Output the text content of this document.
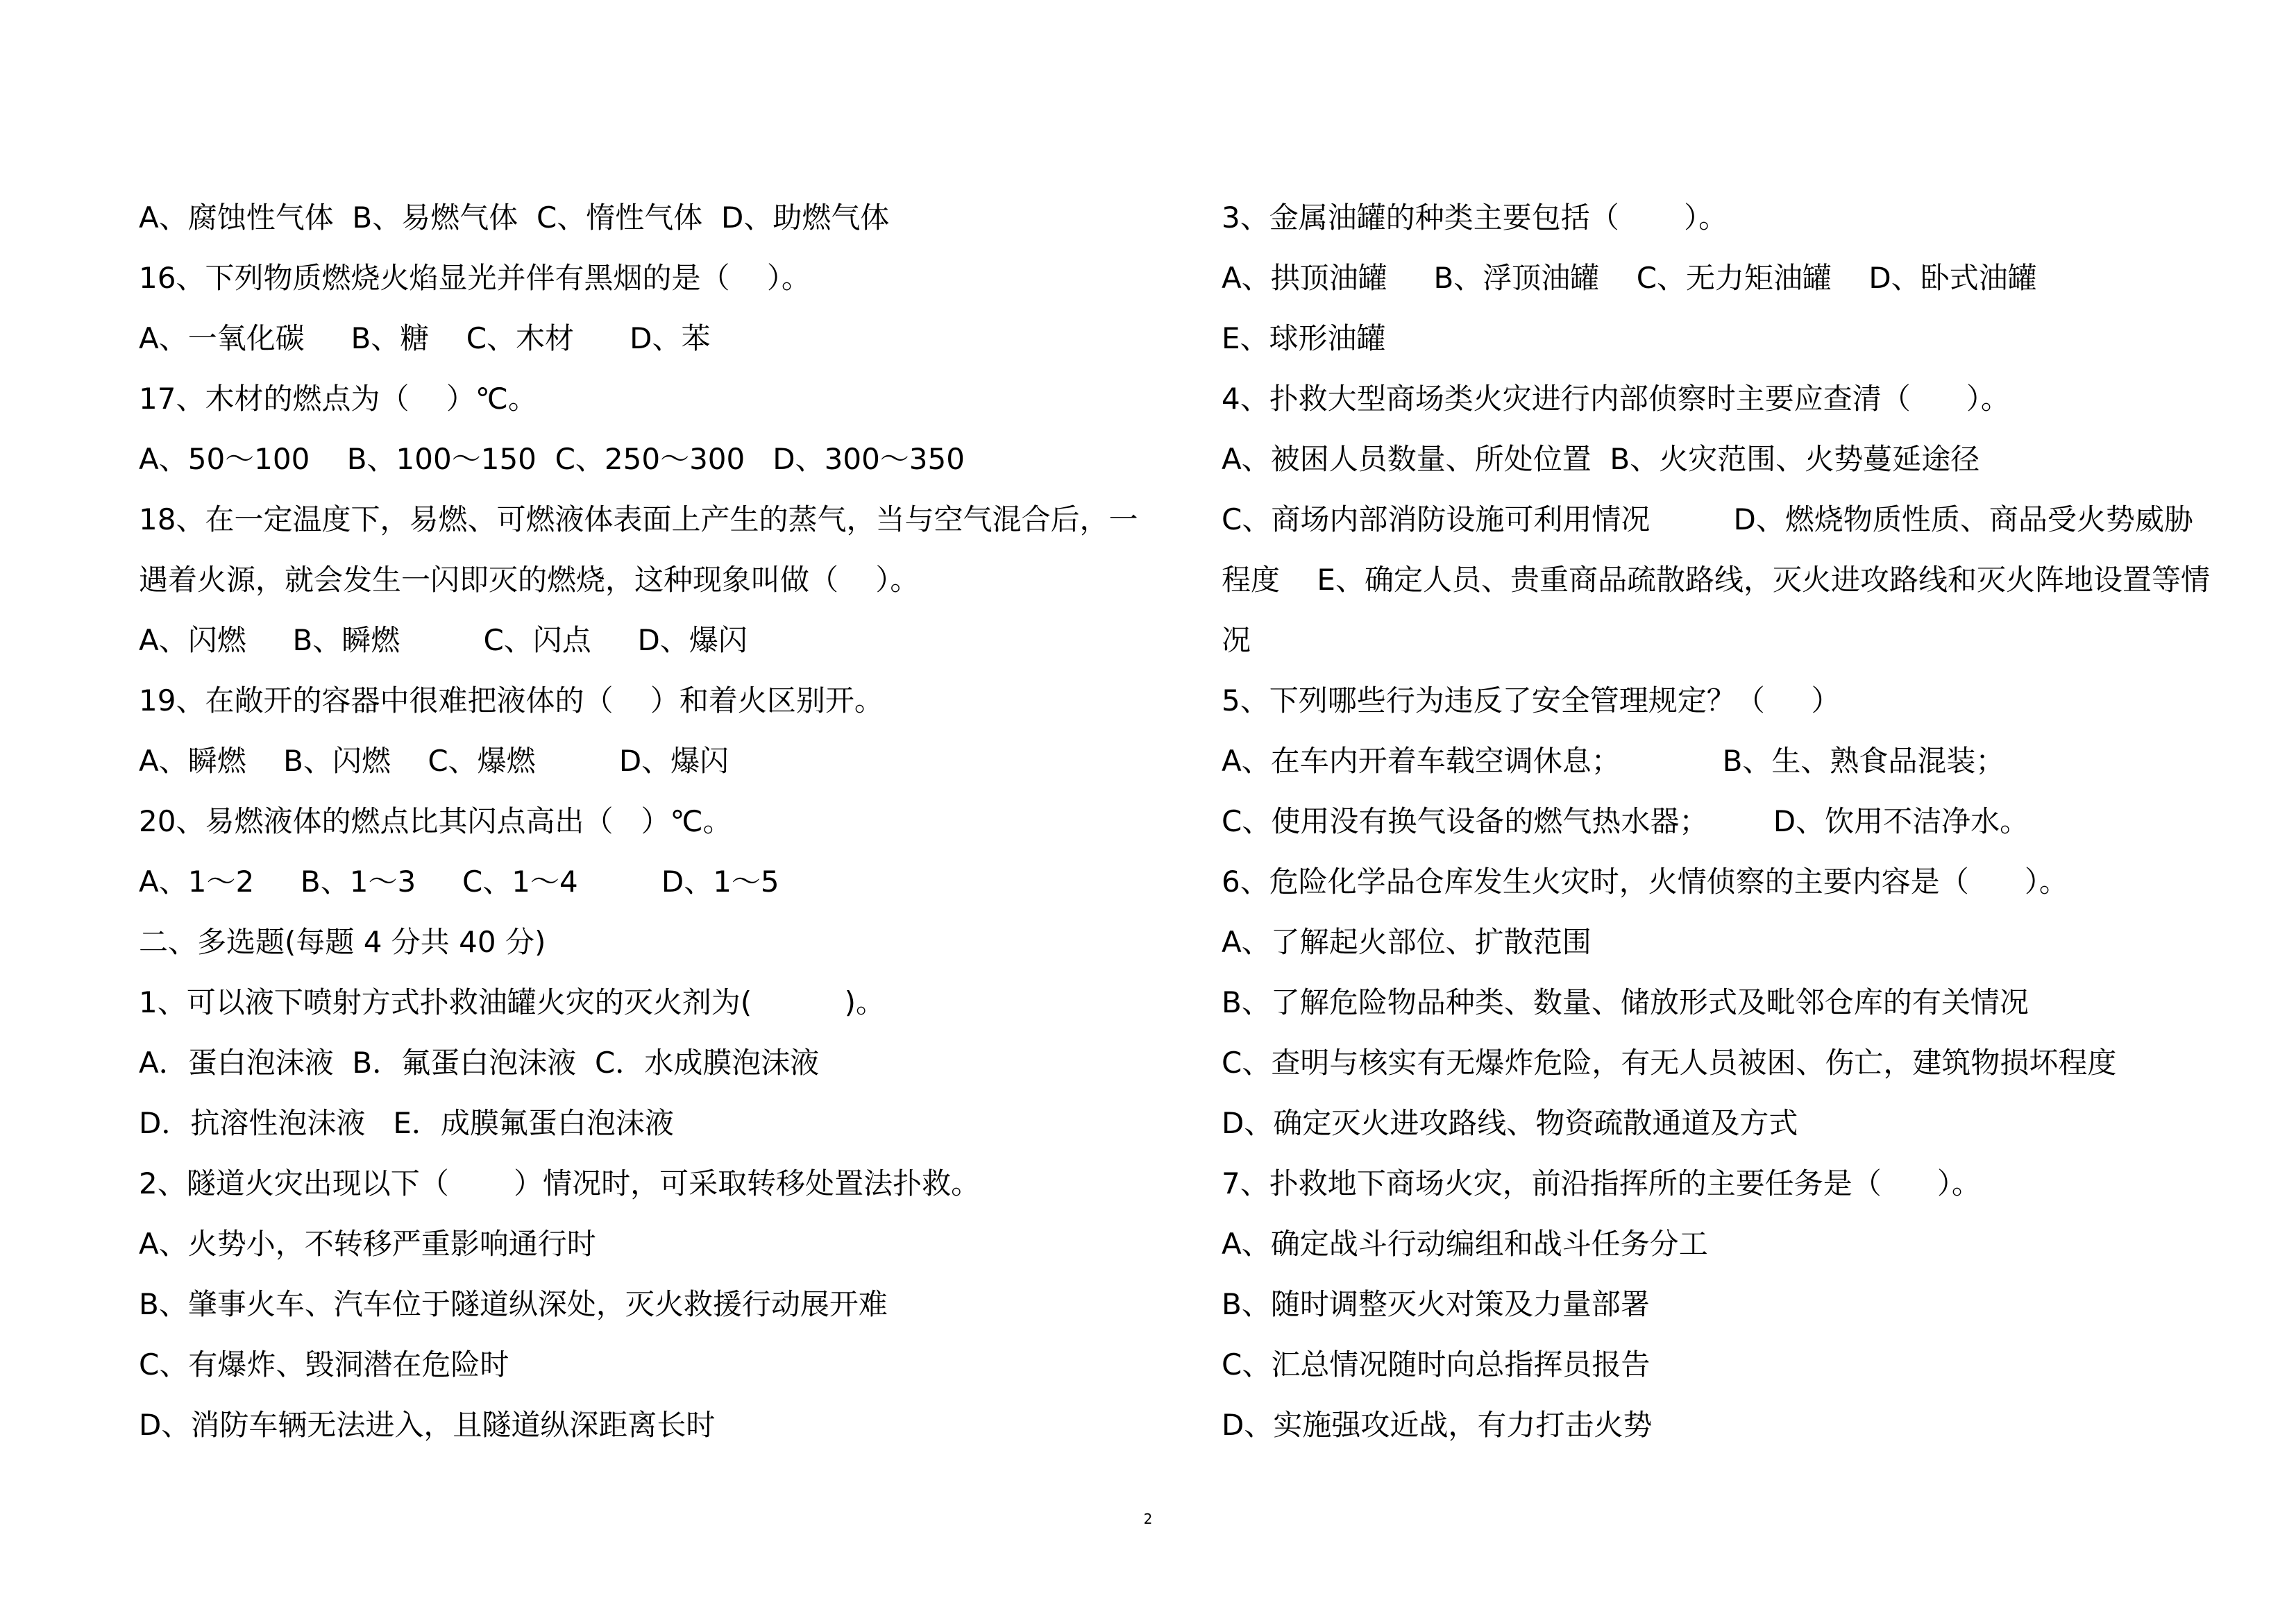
A、腐蚀性气体  B、易燃气体  C、惰性气体  D、助燃气体
16、下列物质燃烧火焰显光并伴有黑烟的是（    ）。
A、一氧化碳     B、糖    C、木材      D、苯
17、木材的燃点为（    ）℃。
A、50～100    B、100～150  C、250～300   D、300～350
18、在一定温度下，易燃、可燃液体表面上产生的蒸气，当与空气混合后，一
遇着火源，就会发生一闪即灭的燃烧，这种现象叫做（    ）。
A、闪燃     B、瞬燃         C、闪点     D、爆闪
19、在敞开的容器中很难把液体的（    ）和着火区别开。
A、瞬燃    B、闪燃    C、爆燃         D、爆闪
20、易燃液体的燃点比其闪点高出（   ）℃。
A、1～2     B、1～3     C、1～4         D、1～5
二、多选题(每题 4 分共 40 分)
1、可以液下喷射方式扑救油罐火灾的灭火剂为(          )。
A．蛋白泡沫液  B．氟蛋白泡沫液  C．水成膜泡沫液
D．抗溶性泡沫液   E．成膜氟蛋白泡沫液
2、隧道火灾出现以下（       ）情况时，可采取转移处置法扑救。
A、火势小，不转移严重影响通行时
B、肇事火车、汽车位于隧道纵深处，灭火救援行动展开难
C、有爆炸、毁洞潜在危险时
D、消防车辆无法进入，且隧道纵深距离长时
3、金属油罐的种类主要包括（       ）。
A、拱顶油罐     B、浮顶油罐    C、无力矩油罐    D、卧式油罐
E、球形油罐
4、扑救大型商场类火灾进行内部侦察时主要应查清（      ）。
A、被困人员数量、所处位置  B、火灾范围、火势蔓延途径
C、商场内部消防设施可利用情况         D、燃烧物质性质、商品受火势威胁
程度    E、确定人员、贵重商品疏散路线，灭火进攻路线和灭火阵地设置等情
况
5、下列哪些行为违反了安全管理规定？（     ）
A、在车内开着车载空调休息；           B、生、熟食品混装；
C、使用没有换气设备的燃气热水器；       D、饮用不洁净水。
6、危险化学品仓库发生火灾时，火情侦察的主要内容是（      ）。
A、了解起火部位、扩散范围
B、了解危险物品种类、数量、储放形式及毗邻仓库的有关情况
C、查明与核实有无爆炸危险，有无人员被困、伤亡，建筑物损坏程度
D、确定灭火进攻路线、物资疏散通道及方式
7、扑救地下商场火灾，前沿指挥所的主要任务是（      ）。
A、确定战斗行动编组和战斗任务分工
B、随时调整灭火对策及力量部署
C、汇总情况随时向总指挥员报告
D、实施强攻近战，有力打击火势
2
